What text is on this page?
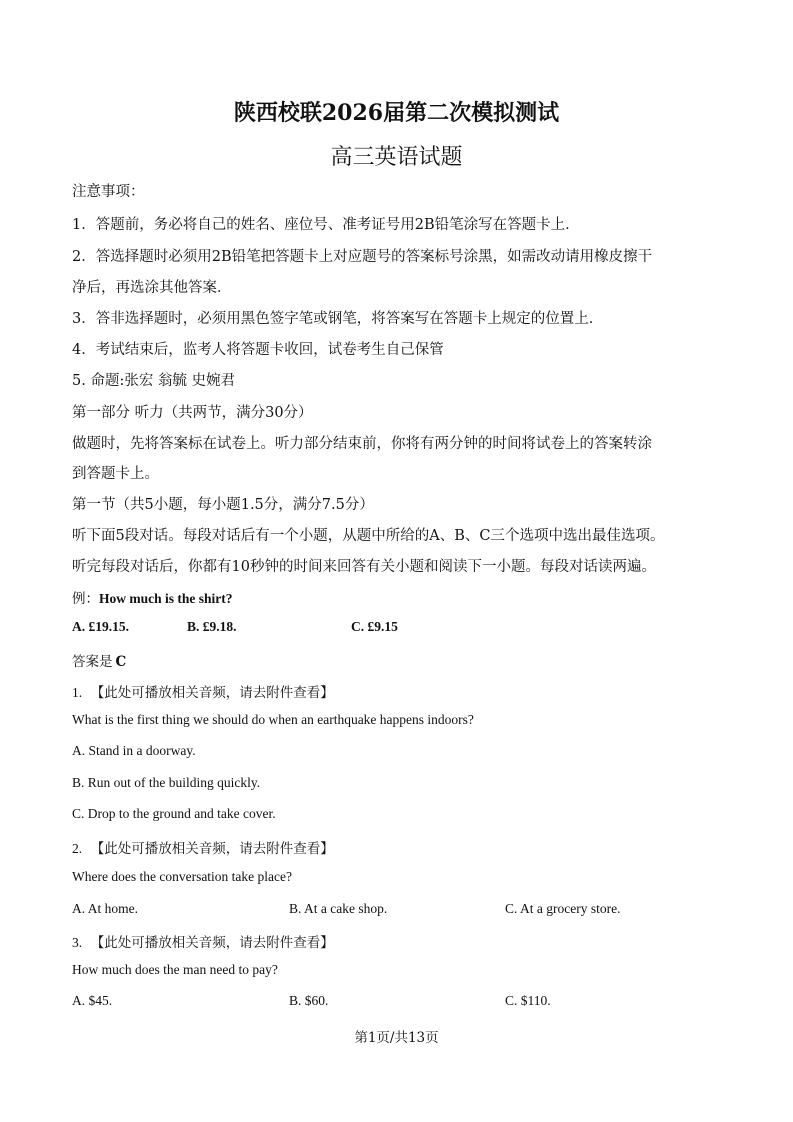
陕西校联2026届第二次模拟测试
高三英语试题
注意事项：
1．答题前，务必将自己的姓名、座位号、准考证号用2B铅笔涂写在答题卡上．
2．答选择题时必须用2B铅笔把答题卡上对应题号的答案标号涂黑，如需改动请用橡皮擦干
净后，再选涂其他答案．
3．答非选择题时，必须用黑色签字笔或钢笔，将答案写在答题卡上规定的位置上．
4．考试结束后，监考人将答题卡收回，试卷考生自己保管
5. 命题:张宏 翁毓 史婉君
第一部分 听力（共两节，满分30分）
做题时，先将答案标在试卷上。听力部分结束前，你将有两分钟的时间将试卷上的答案转涂
到答题卡上。
第一节（共5小题，每小题1.5分，满分7.5分）
听下面5段对话。每段对话后有一个小题，从题中所给的A、B、C三个选项中选出最佳选项。
听完每段对话后，你都有10秒钟的时间来回答有关小题和阅读下一小题。每段对话读两遍。
例：How much is the shirt?
A. £19.15.	B. £9.18.	C. £9.15
答案是 C
1. 【此处可播放相关音频，请去附件查看】
What is the first thing we should do when an earthquake happens indoors?
A. Stand in a doorway.
B. Run out of the building quickly.
C. Drop to the ground and take cover.
2. 【此处可播放相关音频，请去附件查看】
Where does the conversation take place?
A. At home.	B. At a cake shop.	C. At a grocery store.
3. 【此处可播放相关音频，请去附件查看】
How much does the man need to pay?
A. $45.	B. $60.	C. $110.
第1页/共13页
